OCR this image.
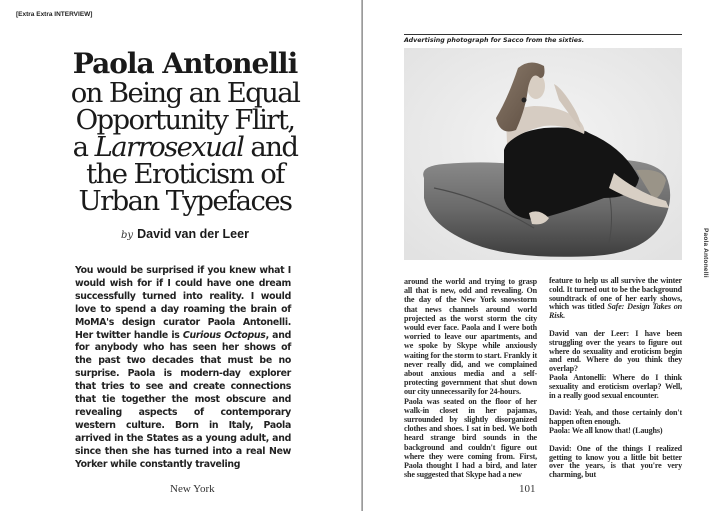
[Extra Extra INTERVIEW]
Paola Antonelli
on Being an Equal
Opportunity Flirt,
a Larrosexual and
the Eroticism of
Urban Typefaces
by David van der Leer
You would be surprised if you knew what I would wish for if I could have one dream successfully turned into reality. I would love to spend a day roaming the brain of MoMA's design curator Paola Antonelli. Her twitter handle is Curious Octopus, and for anybody who has seen her shows of the past two decades that must be no surprise. Paola is modern-day explorer that tries to see and create connections that tie together the most obscure and revealing aspects of contemporary western culture. Born in Italy, Paola arrived in the States as a young adult, and since then she has turned into a real New Yorker while constantly traveling
New York
Advertising photograph for Sacco from the sixties.

around the world and trying to grasp all that is new, odd and revealing. On the day of the New York snowstorm that news channels around world projected as the worst storm the city would ever face. Paola and I were both worried to leave our apartments, and we spoke by Skype while anxiously waiting for the storm to start. Frankly it never really did, and we complained about anxious media and a self-protecting government that shut down our city unnecessarily for 24-hours.

Paola was seated on the floor of her walk-in closet in her pajamas, surrounded by slightly disorganized clothes and shoes. I sat in bed. We both heard strange bird sounds in the background and couldn't figure out where they were coming from. First, Paola thought I had a bird, and later she suggested that Skype had a new

feature to help us all survive the winter cold. It turned out to be the background soundtrack of one of her early shows, which was titled Safe: Design Takes on Risk.

David van der Leer: I have been struggling over the years to figure out where do sexuality and eroticism begin and end. Where do you think they overlap?

Paola Antonelli: Where do I think sexuality and eroticism overlap? Well, in a really good sexual encounter.

David: Yeah, and those certainly don't happen often enough.

Paola: We all know that! (Laughs)

David: One of the things I realized getting to know you a little bit better over the years, is that you're very charming, but

Paola Antonelli
101
